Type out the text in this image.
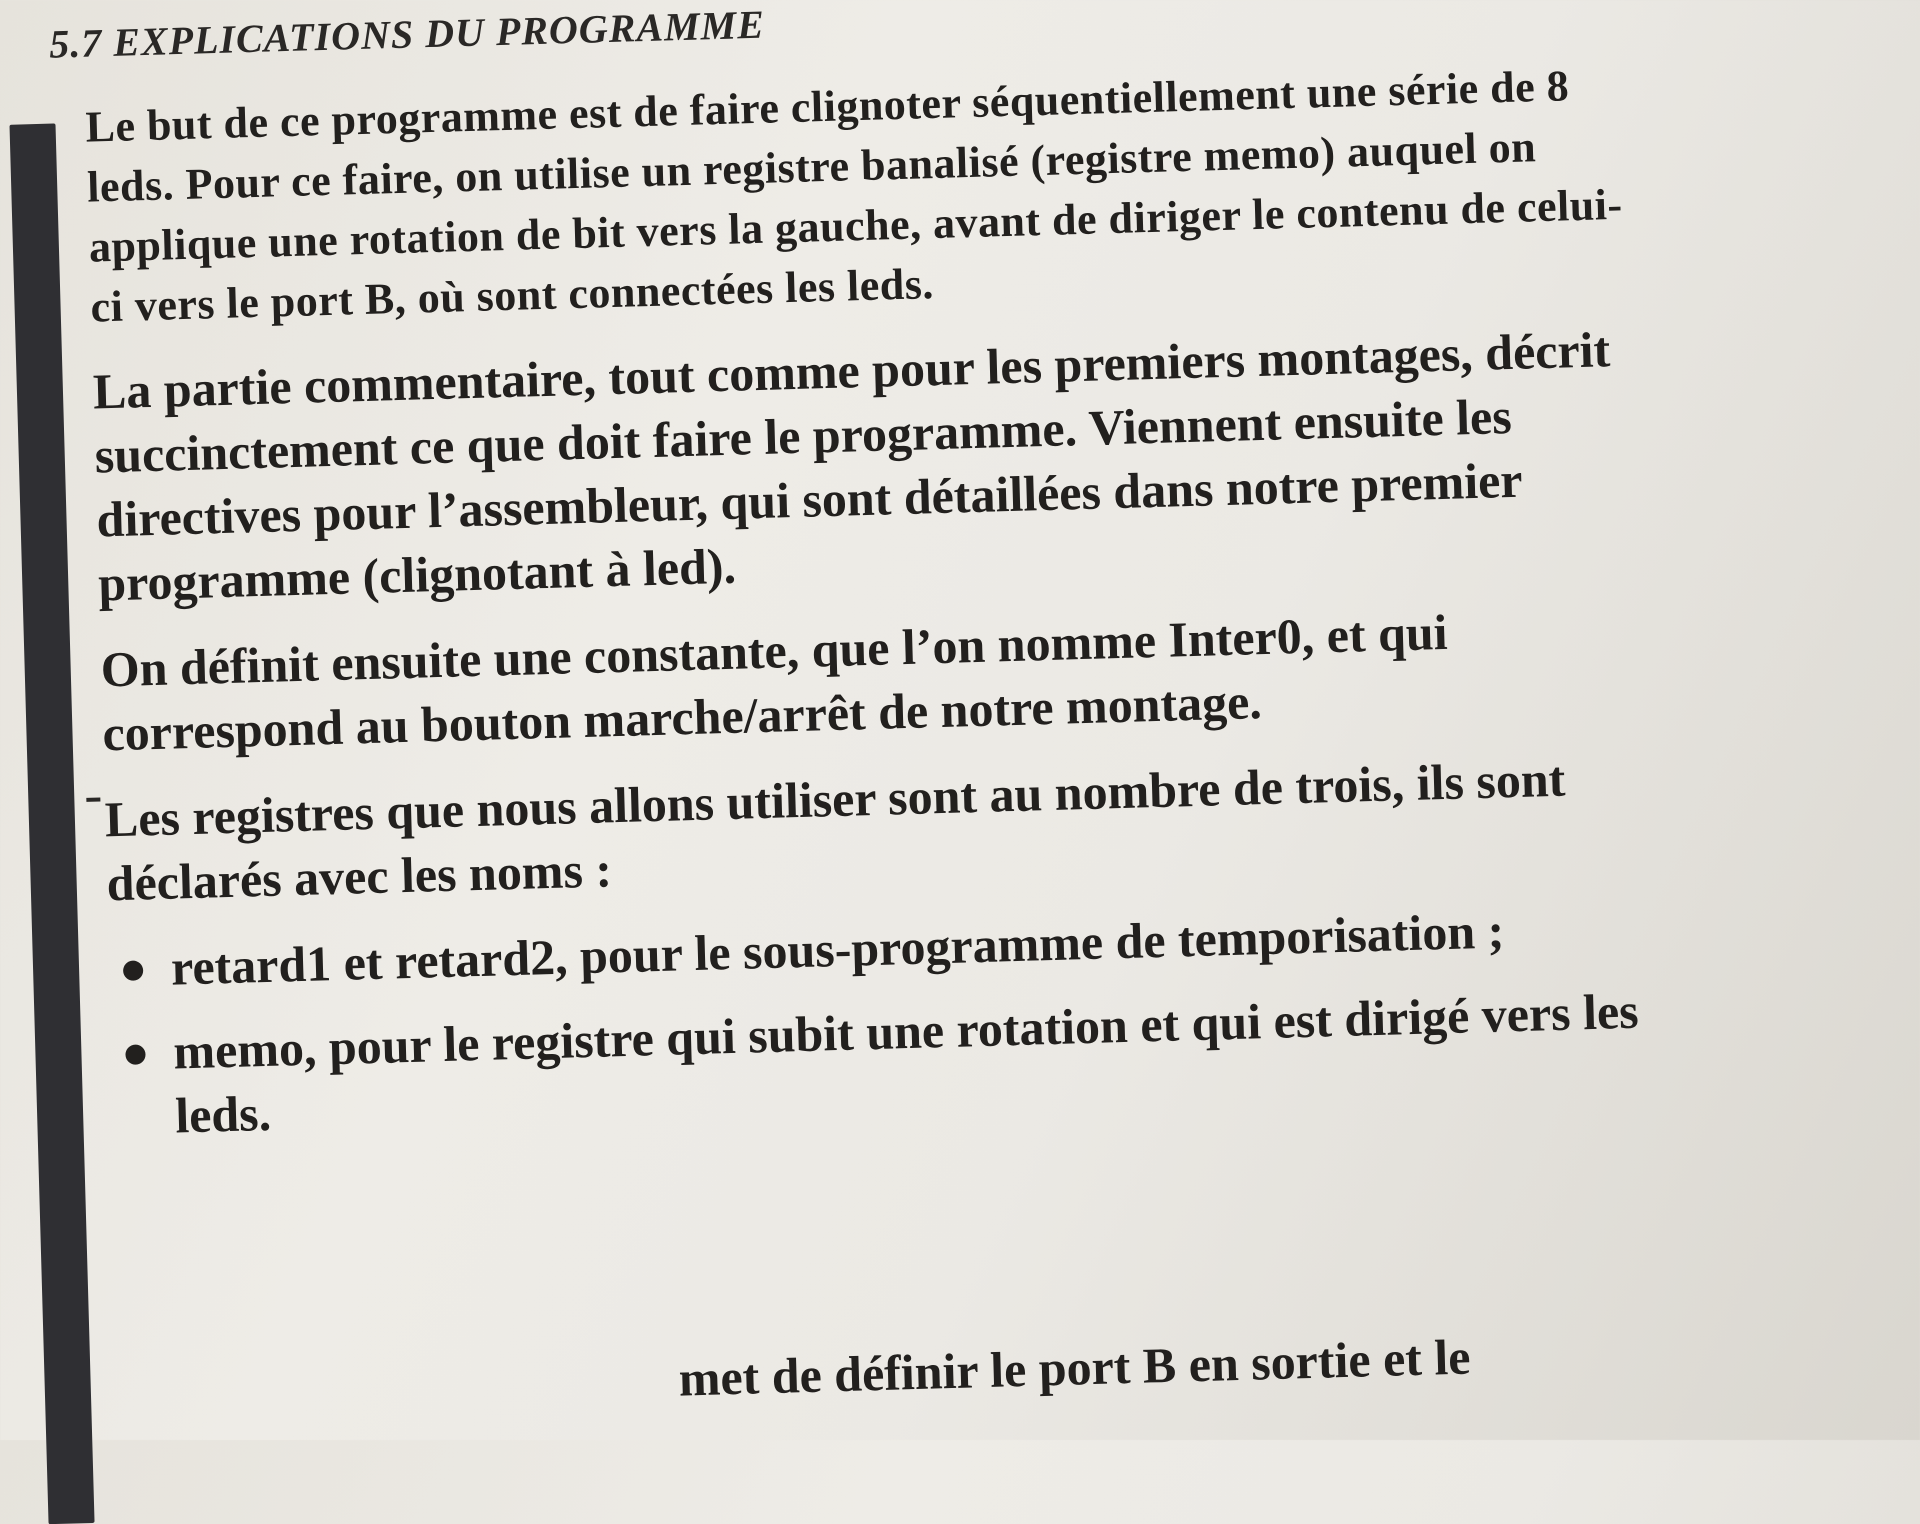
5.7 EXPLICATIONS DU PROGRAMME

Le but de ce programme est de faire clignoter séquentiellement une série de 8 leds. Pour ce faire, on utilise un registre banalisé (registre memo) auquel on applique une rotation de bit vers la gauche, avant de diriger le contenu de celui-ci vers le port B, où sont connectées les leds.

La partie commentaire, tout comme pour les premiers montages, décrit succinctement ce que doit faire le programme. Viennent ensuite les directives pour l’assembleur, qui sont détaillées dans notre premier programme (clignotant à led).

On définit ensuite une constante, que l’on nomme Inter0, et qui correspond au bouton marche/arrêt de notre montage.

Les registres que nous allons utiliser sont au nombre de trois, ils sont déclarés avec les noms :

retard1 et retard2, pour le sous-programme de temporisation ;
memo, pour le registre qui subit une rotation et qui est dirigé vers les leds.
met de définir le port B en sortie et le
